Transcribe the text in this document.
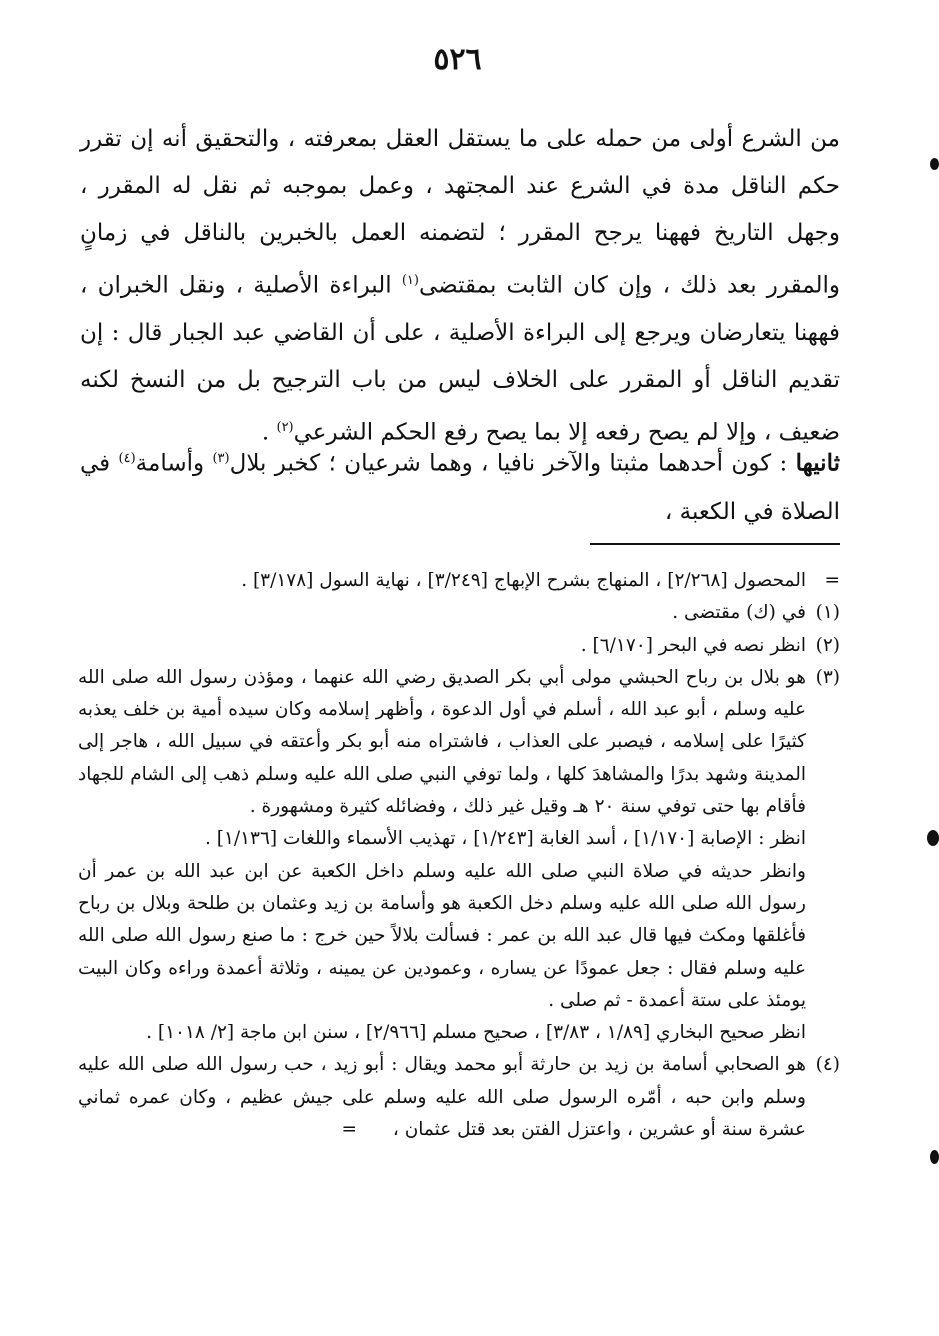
٥٢٦

من الشرع أولى من حمله على ما يستقل العقل بمعرفته ، والتحقيق أنه إن تقرر حكم الناقل مدة في الشرع عند المجتهد ، وعمل بموجبه ثم نقل له المقرر ، وجهل التاريخ فههنا يرجح المقرر ؛ لتضمنه العمل بالخبرين بالناقل في زمانٍ والمقرر بعد ذلك ، وإن كان الثابت بمقتضى$^{(١)}$ البراءة الأصلية ، ونقل الخبران ، فههنا يتعارضان ويرجع إلى البراءة الأصلية ، على أن القاضي عبد الجبار قال : إن تقديم الناقل أو المقرر على الخلاف ليس من باب الترجيح بل من النسخ لكنه ضعيف ، وإلا لم يصح رفعه إلا بما يصح رفع الحكم الشرعي$^{(٢)}$ .

ثانيها : كون أحدهما مثبتا والآخر نافيا ، وهما شرعيان ؛ كخبر بلال$^{(٣)}$ وأسامة$^{(٤)}$ في الصلاة في الكعبة ،

=
المحصول [٢/٢٦٨] ، المنهاج بشرح الإبهاج [٣/٢٤٩] ، نهاية السول [٣/١٧٨] .
(١)
في (ك) مقتضى .
(٢)
انظر نصه في البحر [٦/١٧٠] .
(٣)
هو بلال بن رباح الحبشي مولى أبي بكر الصديق رضي الله عنهما ، ومؤذن رسول الله صلى الله عليه وسلم ، أبو عبد الله ، أسلم في أول الدعوة ، وأظهر إسلامه وكان سيده أمية بن خلف يعذبه كثيرًا على إسلامه ، فيصبر على العذاب ، فاشتراه منه أبو بكر وأعتقه في سبيل الله ، هاجر إلى المدينة وشهد بدرًا والمشاهدَ كلها ، ولما توفي النبي صلى الله عليه وسلم ذهب إلى الشام للجهاد فأقام بها حتى توفي سنة ٢٠ هـ وقيل غير ذلك ، وفضائله كثيرة ومشهورة .
انظر : الإصابة [١/١٧٠] ، أسد الغابة [١/٢٤٣] ، تهذيب الأسماء واللغات [١/١٣٦] .
وانظر حديثه في صلاة النبي صلى الله عليه وسلم داخل الكعبة عن ابن عبد الله بن عمر أن رسول الله صلى الله عليه وسلم دخل الكعبة هو وأسامة بن زيد وعثمان بن طلحة وبلال بن رباح فأغلقها ومكث فيها قال عبد الله بن عمر : فسألت بلالاً حين خرج : ما صنع رسول الله صلى الله عليه وسلم فقال : جعل عمودًا عن يساره ، وعمودين عن يمينه ، وثلاثة أعمدة وراءه وكان البيت يومئذ على ستة أعمدة - ثم صلى .
انظر صحيح البخاري [١/٨٩ ، ٣/٨٣] ، صحيح مسلم [٢/٩٦٦] ، سنن ابن ماجة [٢/ ١٠١٨] .
(٤)
هو الصحابي أسامة بن زيد بن حارثة أبو محمد ويقال : أبو زيد ، حب رسول الله صلى الله عليه وسلم وابن حبه ، أمّره الرسول صلى الله عليه وسلم على جيش عظيم ، وكان عمره ثماني عشرة سنة أو عشرين ، واعتزل الفتن بعد قتل عثمان ، =
